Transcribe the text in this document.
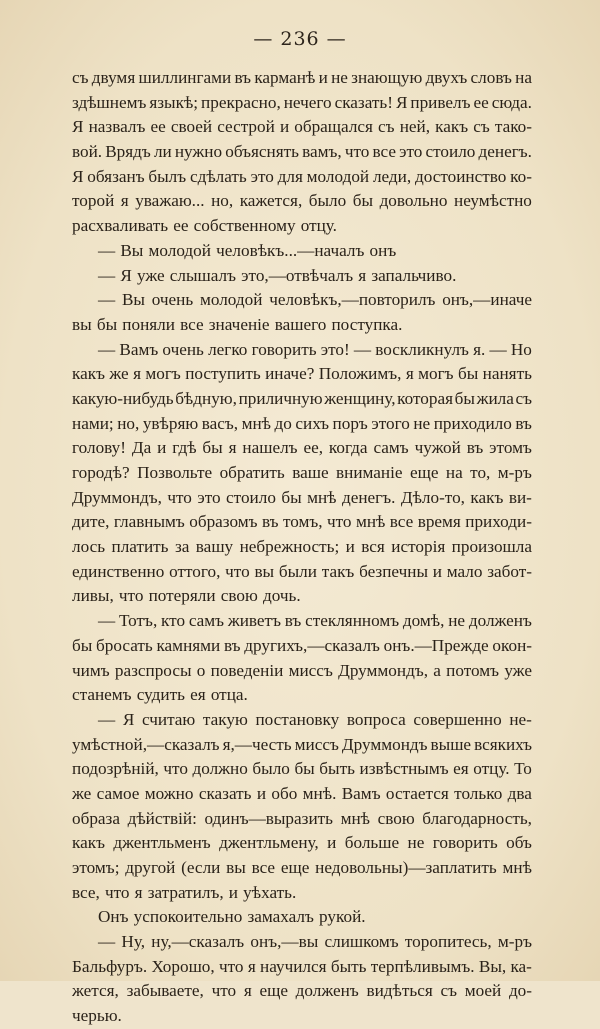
— 236 —
съ двумя шиллингами въ карманѣ и не знающую двухъ словъ на
здѣшнемъ языкѣ; прекрасно, нечего сказать! Я привелъ ее сюда.
Я назвалъ ее своей сестрой и обращался съ ней, какъ съ тако-
вой. Врядъ ли нужно объяснять вамъ, что все это стоило денегъ.
Я обязанъ былъ сдѣлать это для молодой леди, достоинство ко-
торой я уважаю... но, кажется, было бы довольно неумѣстно
расхваливать ее собственному отцу.
— Вы молодой человѣкъ...—началъ онъ
— Я уже слышалъ это,—отвѣчалъ я запальчиво.
— Вы очень молодой человѣкъ,—повторилъ онъ,—иначе
вы бы поняли все значеніе вашего поступка.
— Вамъ очень легко говорить это! — воскликнулъ я. — Но
какъ же я могъ поступить иначе? Положимъ, я могъ бы нанять
какую-нибудь бѣдную, приличную женщину, которая бы жила съ
нами; но, увѣряю васъ, мнѣ до сихъ поръ этого не приходило въ
голову! Да и гдѣ бы я нашелъ ее, когда самъ чужой въ этомъ
городѣ? Позвольте обратить ваше вниманіе еще на то, м-ръ
Друммондъ, что это стоило бы мнѣ денегъ. Дѣло-то, какъ ви-
дите, главнымъ образомъ въ томъ, что мнѣ все время приходи-
лось платить за вашу небрежность; и вся исторія произошла
единственно оттого, что вы были такъ безпечны и мало забот-
ливы, что потеряли свою дочь.
— Тотъ, кто самъ живетъ въ стеклянномъ домѣ, не долженъ
бы бросать камнями въ другихъ,—сказалъ онъ.—Прежде окон-
чимъ разспросы о поведеніи миссъ Друммондъ, а потомъ уже
станемъ судить ея отца.
— Я считаю такую постановку вопроса совершенно не-
умѣстной,—сказалъ я,—честь миссъ Друммондъ выше всякихъ
подозрѣній, что должно было бы быть извѣстнымъ ея отцу. То
же самое можно сказать и обо мнѣ. Вамъ остается только два
образа дѣйствій: одинъ—выразить мнѣ свою благодарность,
какъ джентльменъ джентльмену, и больше не говорить объ
этомъ; другой (если вы все еще недовольны)—заплатить мнѣ
все, что я затратилъ, и уѣхать.
Онъ успокоительно замахалъ рукой.
— Ну, ну,—сказалъ онъ,—вы слишкомъ торопитесь, м-ръ
Бальфуръ. Хорошо, что я научился быть терпѣливымъ. Вы, ка-
жется, забываете, что я еще долженъ видѣться съ моей до-
черью.
